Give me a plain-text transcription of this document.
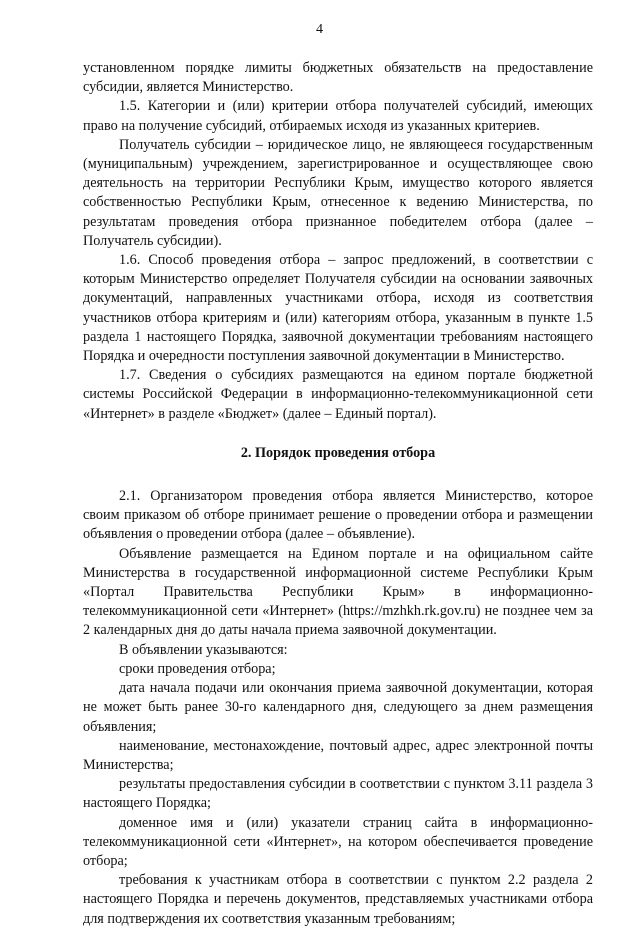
4

установленном порядке лимиты бюджетных обязательств на предоставление субсидии, является Министерство.

1.5. Категории и (или) критерии отбора получателей субсидий, имеющих право на получение субсидий, отбираемых исходя из указанных критериев.

Получатель субсидии – юридическое лицо, не являющееся государственным (муниципальным) учреждением, зарегистрированное и осуществляющее свою деятельность на территории Республики Крым, имущество которого является собственностью Республики Крым, отнесенное к ведению Министерства, по результатам проведения отбора признанное победителем отбора (далее – Получатель субсидии).

1.6. Способ проведения отбора – запрос предложений, в соответствии с которым Министерство определяет Получателя субсидии на основании заявочных документаций, направленных участниками отбора, исходя из соответствия участников отбора критериям и (или) категориям отбора, указанным в пункте 1.5 раздела 1 настоящего Порядка, заявочной документации требованиям настоящего Порядка и очередности поступления заявочной документации в Министерство.

1.7. Сведения о субсидиях размещаются на едином портале бюджетной системы Российской Федерации в информационно-телекоммуникационной сети «Интернет» в разделе «Бюджет» (далее – Единый портал).

2. Порядок проведения отбора

2.1. Организатором проведения отбора является Министерство, которое своим приказом об отборе принимает решение о проведении отбора и размещении объявления о проведении отбора (далее – объявление).

Объявление размещается на Едином портале и на официальном сайте Министерства в государственной информационной системе Республики Крым «Портал Правительства Республики Крым» в информационно-телекоммуникационной сети «Интернет» (https://mzhkh.rk.gov.ru) не позднее чем за 2 календарных дня до даты начала приема заявочной документации.

В объявлении указываются:

сроки проведения отбора;

дата начала подачи или окончания приема заявочной документации, которая не может быть ранее 30-го календарного дня, следующего за днем размещения объявления;

наименование, местонахождение, почтовый адрес, адрес электронной почты Министерства;

результаты предоставления субсидии в соответствии с пунктом 3.11 раздела 3 настоящего Порядка;

доменное имя и (или) указатели страниц сайта в информационно-телекоммуникационной сети «Интернет», на котором обеспечивается проведение отбора;

требования к участникам отбора в соответствии с пунктом 2.2 раздела 2 настоящего Порядка и перечень документов, представляемых участниками отбора для подтверждения их соответствия указанным требованиям;
